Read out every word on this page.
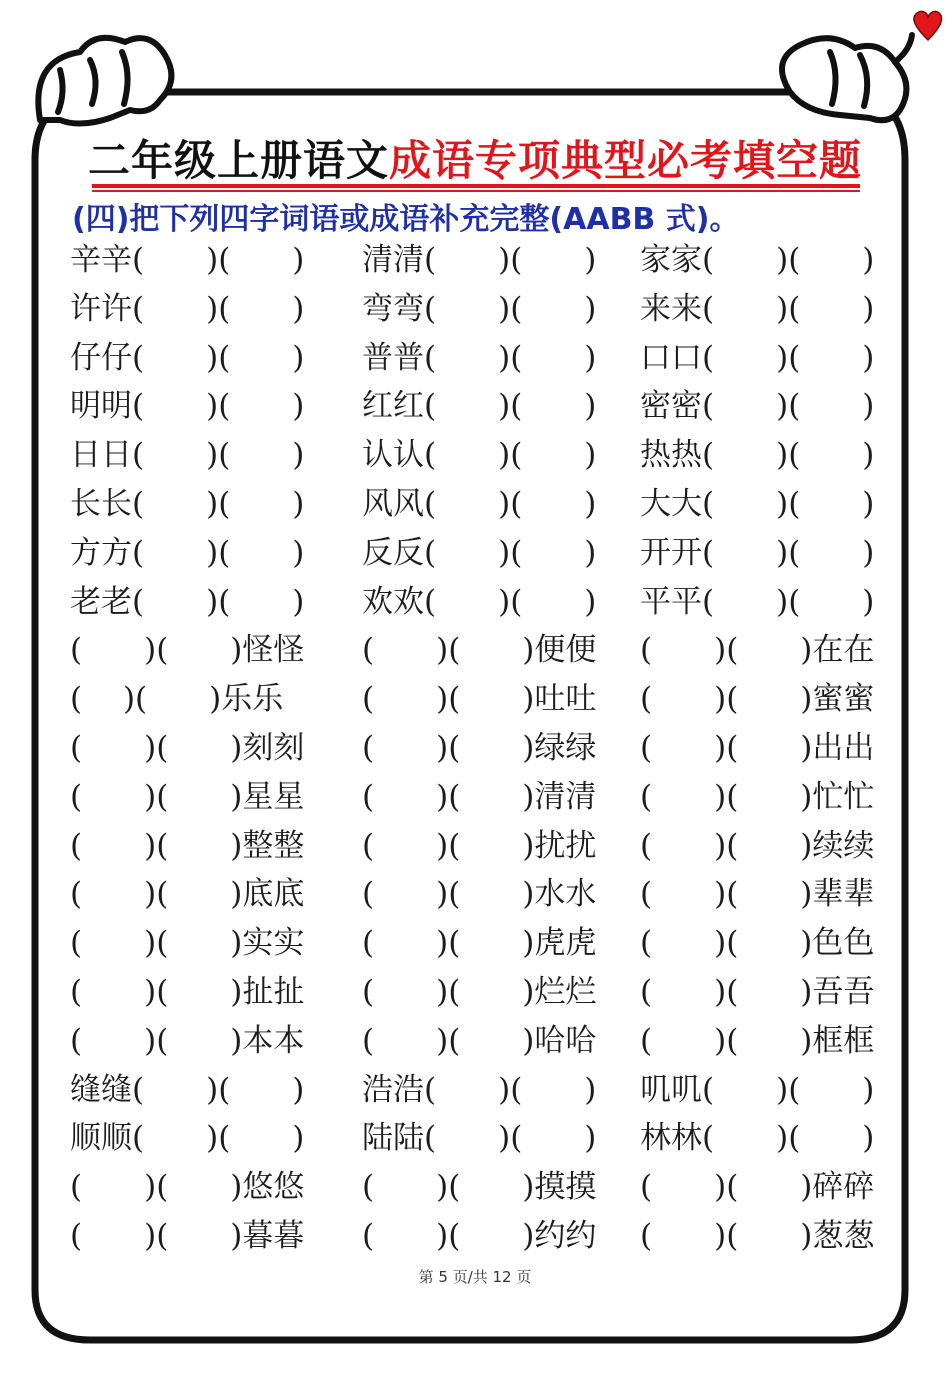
二年级上册语文成语专项典型必考填空题
(四)把下列四字词语或成语补充完整(AABB 式)。
辛辛(　　)(　　) 清清(　　)(　　) 家家(　　)(　　)
许许(　　)(　　) 弯弯(　　)(　　) 来来(　　)(　　)
仔仔(　　)(　　) 普普(　　)(　　) 口口(　　)(　　)
明明(　　)(　　) 红红(　　)(　　) 密密(　　)(　　)
日日(　　)(　　) 认认(　　)(　　) 热热(　　)(　　)
长长(　　)(　　) 风风(　　)(　　) 大大(　　)(　　)
方方(　　)(　　) 反反(　　)(　　) 开开(　　)(　　)
老老(　　)(　　) 欢欢(　　)(　　) 平平(　　)(　　)
(　　)(　　)怪怪 (　　)(　　)便便 (　　)(　　)在在
(　 )(　　)乐乐	(　　)(　　)吐吐 (　　)(　　)蜜蜜
(　　)(　　)刻刻 (　　)(　　)绿绿 (　　)(　　)出出
(　　)(　　)星星 (　　)(　　)清清 (　　)(　　)忙忙
(　　)(　　)整整 (　　)(　　)扰扰 (　　)(　　)续续
(　　)(　　)底底 (　　)(　　)水水 (　　)(　　)辈辈
(　　)(　　)实实 (　　)(　　)虎虎 (　　)(　　)色色
(　　)(　　)扯扯 (　　)(　　)烂烂 (　　)(　　)吾吾
(　　)(　　)本本 (　　)(　　)哈哈 (　　)(　　)框框
缝缝(　　)(　　) 浩浩(　　)(　　) 叽叽(　　)(　　)
顺顺(　　)(　　) 陆陆(　　)(　　) 林林(　　)(　　)
(　　)(　　)悠悠 (　　)(　　)摸摸 (　　)(　　)碎碎
(　　)(　　)暮暮 (　　)(　　)约约 (　　)(　　)葱葱
第 5 页/共 12 页
